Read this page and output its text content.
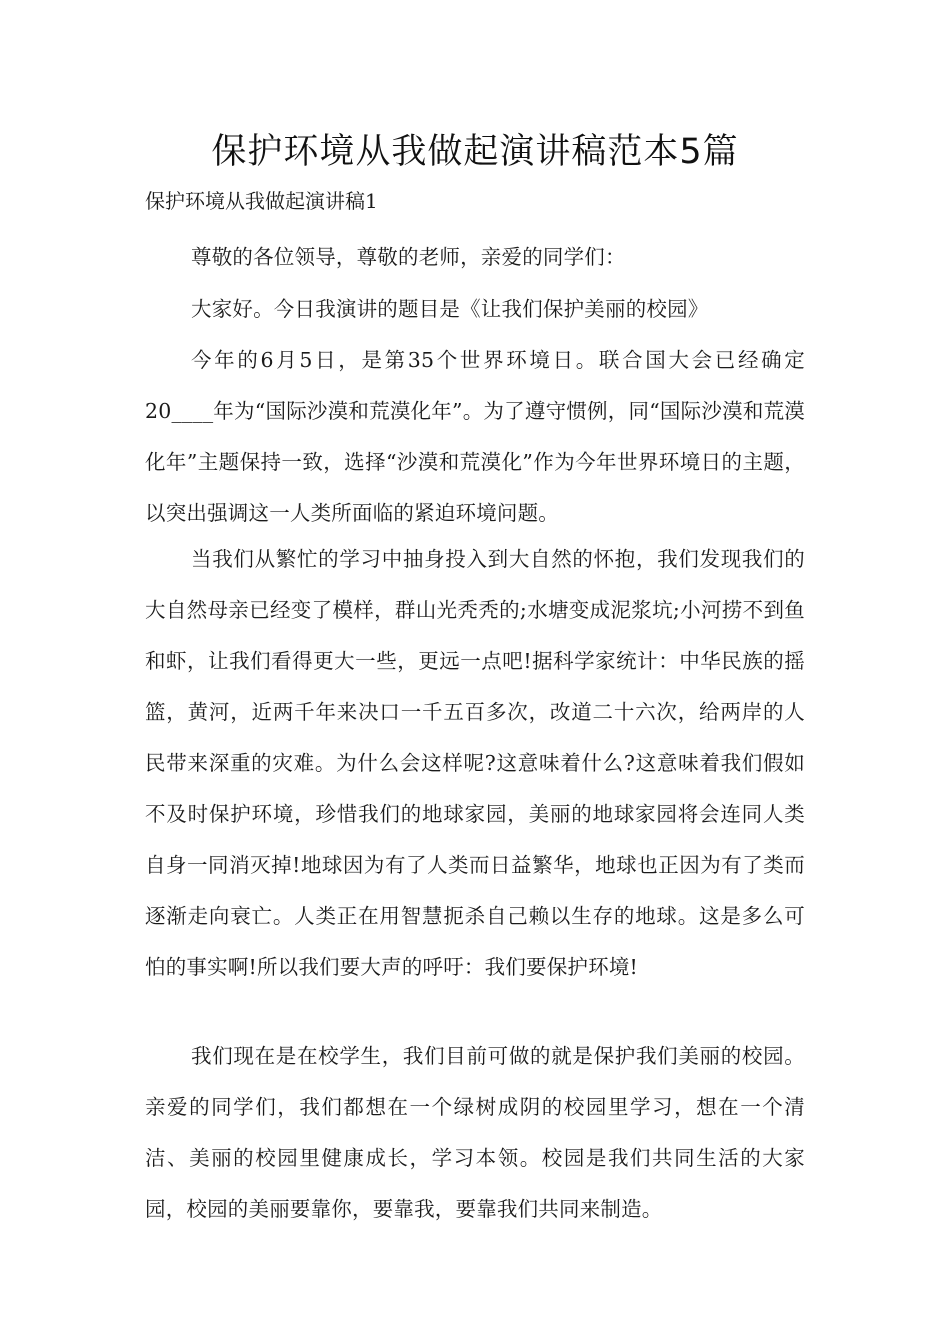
保护环境从我做起演讲稿范本5篇

保护环境从我做起演讲稿1

尊敬的各位领导，尊敬的老师，亲爱的同学们：

大家好。今日我演讲的题目是《让我们保护美丽的校园》

今年的6月5日，是第35个世界环境日。联合国大会已经确定20____年为“国际沙漠和荒漠化年”。为了遵守惯例，同“国际沙漠和荒漠化年”主题保持一致，选择“沙漠和荒漠化”作为今年世界环境日的主题，以突出强调这一人类所面临的紧迫环境问题。

当我们从繁忙的学习中抽身投入到大自然的怀抱，我们发现我们的大自然母亲已经变了模样，群山光秃秃的;水塘变成泥浆坑;小河捞不到鱼和虾，让我们看得更大一些，更远一点吧!据科学家统计：中华民族的摇篮，黄河，近两千年来决口一千五百多次，改道二十六次，给两岸的人民带来深重的灾难。为什么会这样呢?这意味着什么?这意味着我们假如不及时保护环境，珍惜我们的地球家园，美丽的地球家园将会连同人类自身一同消灭掉!地球因为有了人类而日益繁华，地球也正因为有了类而逐渐走向衰亡。人类正在用智慧扼杀自己赖以生存的地球。这是多么可怕的事实啊!所以我们要大声的呼吁：我们要保护环境!

我们现在是在校学生，我们目前可做的就是保护我们美丽的校园。亲爱的同学们，我们都想在一个绿树成阴的校园里学习，想在一个清洁、美丽的校园里健康成长，学习本领。校园是我们共同生活的大家园，校园的美丽要靠你，要靠我，要靠我们共同来制造。
